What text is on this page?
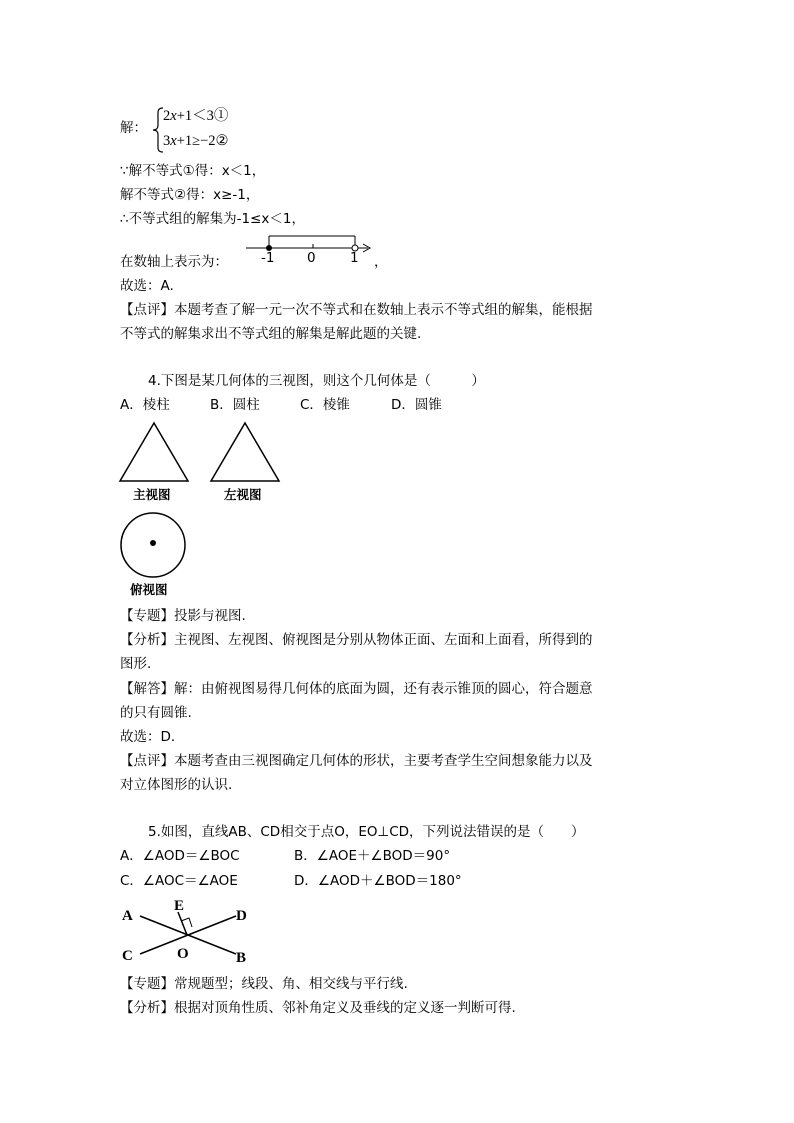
解：
2x+1＜3①
3x+1≥−2②
∵解不等式①得：x＜1，
解不等式②得：x≥-1，
∴不等式组的解集为-1≤x＜1，
在数轴上表示为： -1 0	1 ，
故选：A.
【点评】本题考查了解一元一次不等式和在数轴上表示不等式组的解集，能根据
不等式的解集求出不等式组的解集是解此题的关键.
4.下图是某几何体的三视图，则这个几何体是（　　　）
A．棱柱	B．圆柱	C．棱锥	D．圆锥
主视图	左视图
俯视图
【专题】投影与视图.
【分析】主视图、左视图、俯视图是分别从物体正面、左面和上面看，所得到的
图形.
【解答】解：由俯视图易得几何体的底面为圆，还有表示锥顶的圆心，符合题意
的只有圆锥.
故选：D.
【点评】本题考查由三视图确定几何体的形状，主要考查学生空间想象能力以及
对立体图形的认识.
5.如图，直线AB、CD相交于点O，EO⊥CD，下列说法错误的是（　　）
A．∠AOD＝∠BOC	B．∠AOE＋∠BOD＝90°
C．∠AOC＝∠AOE	D．∠AOD＋∠BOD＝180°
A
E
D
C	O	B
【专题】常规题型；线段、角、相交线与平行线.
【分析】根据对顶角性质、邻补角定义及垂线的定义逐一判断可得.
